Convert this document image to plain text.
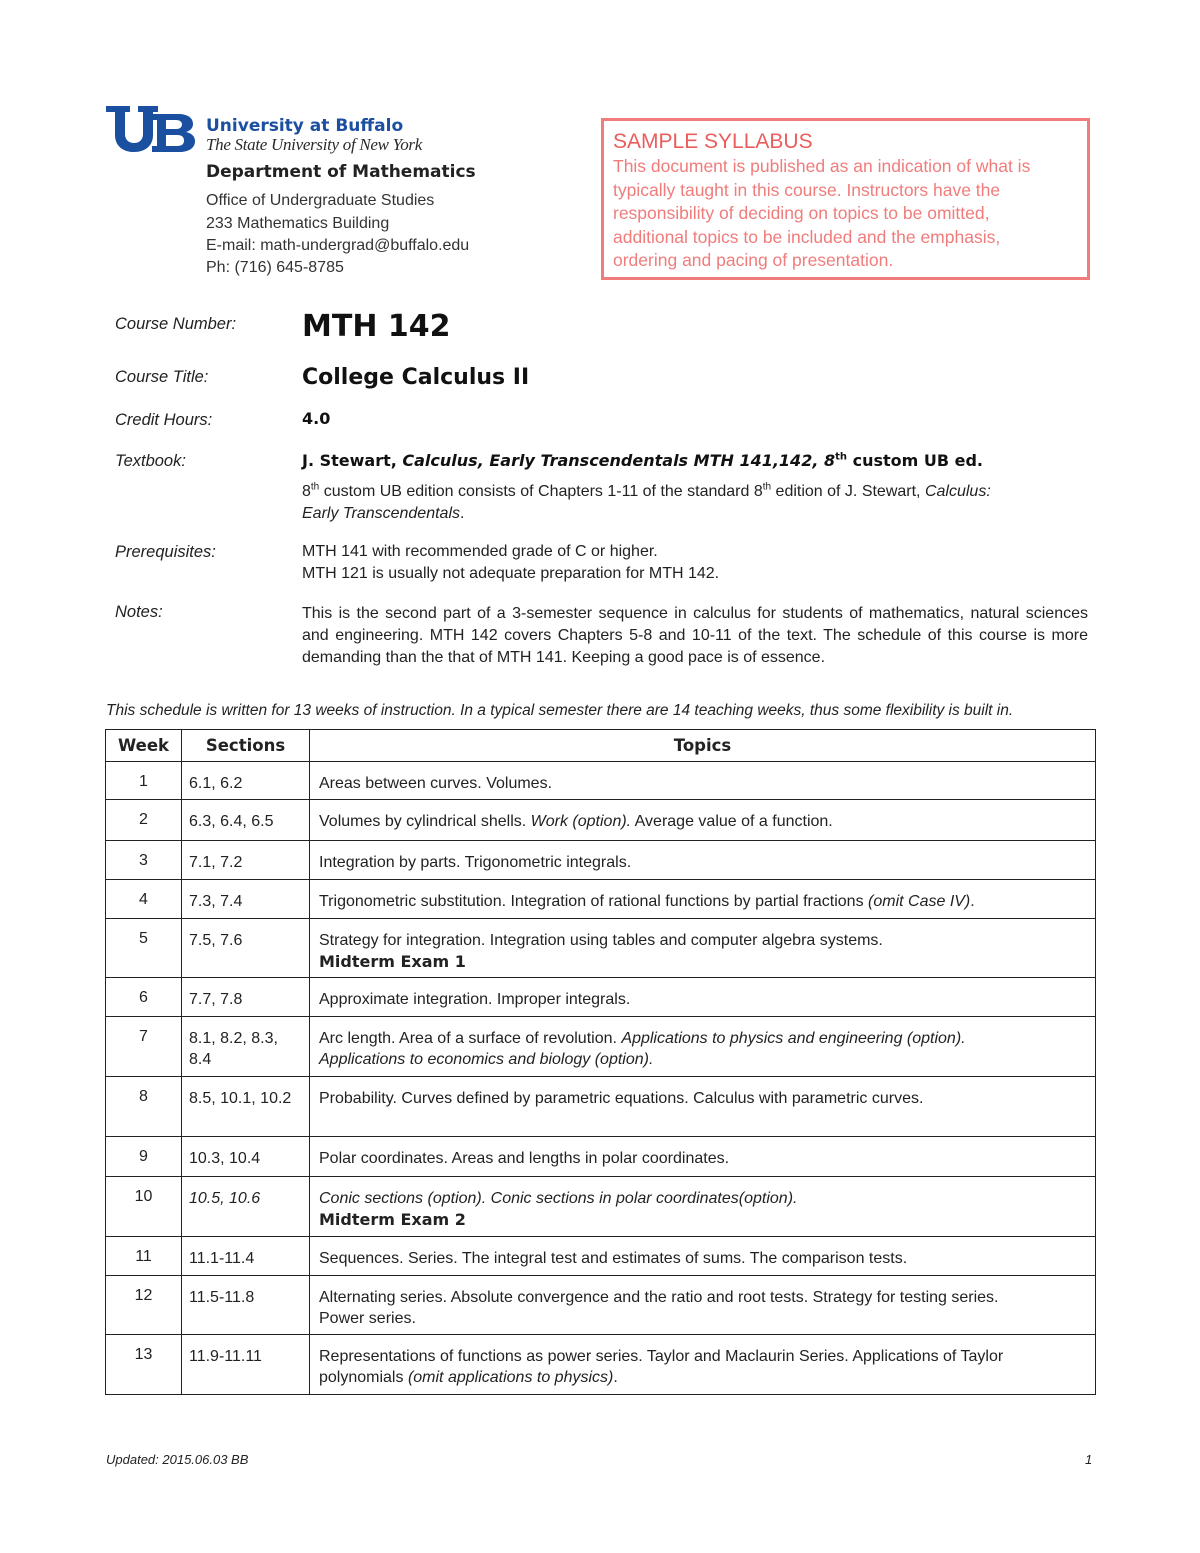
University at Buffalo
The State University of New York
Department of Mathematics
Office of Undergraduate Studies
233 Mathematics Building
E-mail: math-undergrad@buffalo.edu
Ph: (716) 645-8785
SAMPLE SYLLABUS
This document is published as an indication of what is
typically taught in this course. Instructors have the
responsibility of deciding on topics to be omitted,
additional topics to be included and the emphasis,
ordering and pacing of presentation.
Course Number: MTH 142
Course Title:	College Calculus II
Credit Hours:	4.0
Textbook:	J. Stewart, Calculus, Early Transcendentals MTH 141,142, 8th custom UB ed.
8th custom UB edition consists of Chapters 1-11 of the standard 8th edition of J. Stewart, Calculus:
Early Transcendentals.
Prerequisites:	MTH 141 with recommended grade of C or higher.
MTH 121 is usually not adequate preparation for MTH 142.
Notes:	This is the second part of a 3-semester sequence in calculus for students of mathematics, natural sciences and engineering. MTH 142 covers Chapters 5-8 and 10-11 of the text. The schedule of this course is more demanding than the that of MTH 141. Keeping a good pace is of essence.
This schedule is written for 13 weeks of instruction. In a typical semester there are 14 teaching weeks, thus some flexibility is built in.
Week	Sections	Topics
1	6.1, 6.2	Areas between curves. Volumes.

2	6.3, 6.4, 6.5	Volumes by cylindrical shells. Work (option). Average value of a function.

3	7.1, 7.2	Integration by parts. Trigonometric integrals.

4	7.3, 7.4	Trigonometric substitution. Integration of rational functions by partial fractions (omit Case IV).

5	7.5, 7.6	Strategy for integration. Integration using tables and computer algebra systems.
Midterm Exam 1

6	7.7, 7.8	Approximate integration. Improper integrals.

7	8.1, 8.2, 8.3, 8.4	Arc length. Area of a surface of revolution. Applications to physics and engineering (option).
Applications to economics and biology (option).

8	8.5, 10.1, 10.2	Probability. Curves defined by parametric equations. Calculus with parametric curves.

9	10.3, 10.4	Polar coordinates. Areas and lengths in polar coordinates.

10	10.5, 10.6	Conic sections (option). Conic sections in polar coordinates(option).
Midterm Exam 2

11	11.1-11.4	Sequences. Series. The integral test and estimates of sums. The comparison tests.

12	11.5-11.8	Alternating series. Absolute convergence and the ratio and root tests. Strategy for testing series.
Power series.

13	11.9-11.11	Representations of functions as power series. Taylor and Maclaurin Series. Applications of Taylor
polynomials (omit applications to physics).
Updated: 2015.06.03 BB	1
